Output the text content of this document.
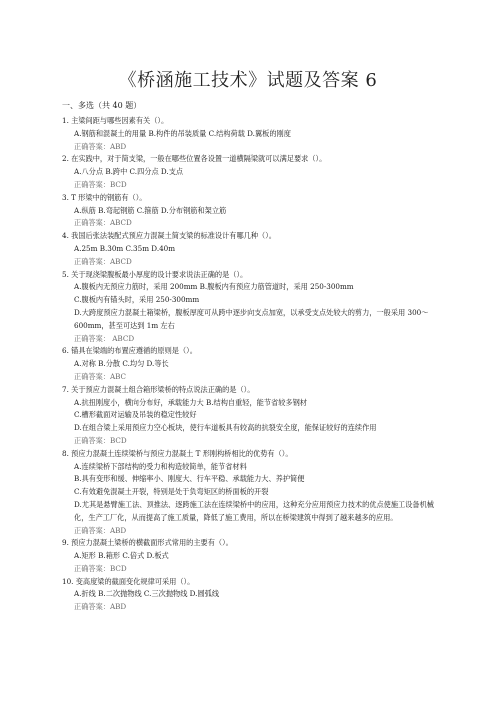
《桥涵施工技术》试题及答案 6
一、多选（共 40 题）
1. 主梁间距与哪些因素有关（）。
A.钢筋和混凝土的用量 B.构件的吊装质量 C.结构荷载 D.翼板的刚度
正确答案：ABD
2. 在实践中，对于简支梁，一般在哪些位置各设置一道横隔梁就可以满足要求（）。
A.八分点 B.跨中 C.四分点 D.支点
正确答案：BCD
3. T 形梁中的钢筋有（）。
A.纵筋 B.弯起钢筋 C.箍筋 D.分布钢筋和架立筋
正确答案：ABCD
4. 我国后张法装配式预应力混凝土简支梁的标准设计有哪几种（）。
A.25m B.30m C.35m D.40m
正确答案：ABCD
5. 关于现浇梁腹板最小厚度的设计要求说法正确的是（）。
A.腹板内无预应力筋时，采用 200mm B.腹板内有预应力筋管道时，采用 250-300mm
C.腹板内有锚头时，采用 250-300mm
D.大跨度预应力混凝土箱梁桥，腹板厚度可从跨中逐步向支点加宽，以承受支点处较大的剪力，一般采用 300～600mm，甚至可达到 1m 左右
正确答案： ABCD
6. 锚具在梁端的布置应遵循的原则是（）。
A.对称 B.分散 C.均匀 D.等长
正确答案：ABC
7. 关于预应力混凝土组合箱形梁桥的特点说法正确的是（）。
A.抗扭刚度小，横向分布好，承载能力大 B.结构自重轻，能节省较多钢材
C.槽形截面对运输及吊装的稳定性较好
D.在组合梁上采用预应力空心板块，使行车道板具有较高的抗裂安全度，能保证较好的连续作用
正确答案：BCD
8. 预应力混凝土连续梁桥与预应力混凝土 T 形刚构桥相比的优势有（）。
A.连续梁桥下部结构的受力和构造较简单，能节省材料
B.具有变形和缓、伸缩率小、刚度大、行车平稳、承载能力大、养护简便
C.有效避免混凝土开裂，特别是处于负弯矩区的桥面板的开裂
D.尤其是悬臂施工法、顶推法、逐跨施工法在连续梁桥中的应用，这种充分应用预应力技术的优点使施工设备机械化，生产工厂化，从而提高了施工质量，降低了施工费用，所以在桥梁建筑中得到了越来越多的应用。
正确答案：ABD
9. 预应力混凝土梁桥的横截面形式常用的主要有（）。
A.矩形 B.箱形 C.倍式 D.板式
正确答案：BCD
10. 变高度梁的截面变化规律可采用（）。
A.折线 B.二次抛物线 C.三次抛物线 D.圆弧线
正确答案：ABD
